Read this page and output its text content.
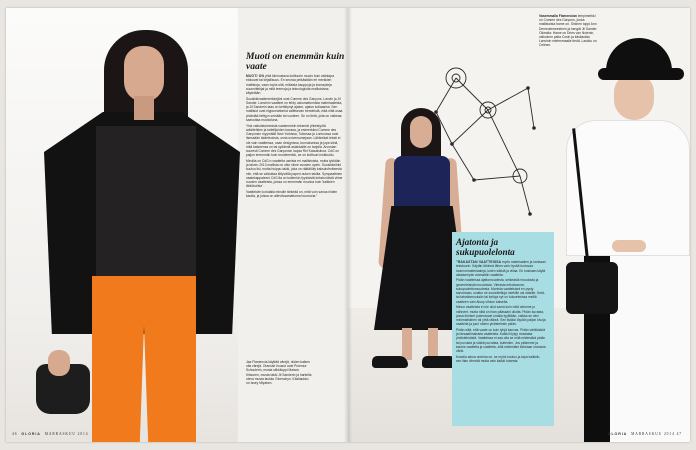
Muoti on enemmän kuin vaate

MUOTI ON yhtä kiinnostava kulttuurin muoto kuin vaikkapa elokuvat tai kirjallisuus. En seuraa pelkästään eri merkkien mallistoja, vaan myös sitä, millaisia kauppoja ja konsepteja suunnittelijat ja mitä teemoja ja teknologioita mallistoissa käytetään.

Suosikkivaatemerkkejäni ovat Comme des Garçons, Lanvin ja Jil Sander. Lanvinin vaatteet on tehty uskomattomista materiaaleista, ja Jil Sanderin taas on kehittynyt ajaton, ajaton kollaasina. Sen mallistot ovat riippumattomia vallitsevan trendeistä, eikä niitä osaa yhdistää tiettyyn seinään tai vuoteen. Se on tietä, joita on vaikeaa saavuttaa muotoiluna.

Yksi vaikuttavimmista vaatemerkin tekemät yhteistyötä arkkitehtien ja taiteilijoiden kanssa, ja esimerkiksi Comme des Garçonsin myymälät New Yorkissa, Tokiossa ja Lontoossa ovat itsessään taideteoksia, omia universumejaan. Lähikeikat teksti ei ole vain vaatteissa, vaan designissa, tunnuksessa ja jopa siinä, mitä katseensa on tai sydämiä asiakkaille on tarjolla. Arvostan suuresti Comme des Garçonsin luojaa Rei Kawakuboa. CdG on paljon enemmän kuin muotimerkki, se on kulttuuri-instituutio.

Meuilla on CdG:n vaatteita useista eri mallistoista, mutta tykkään ja talven 2013 mallista on ollut viime vuosien upein. Suosikkeihini kuuluu lisi, mutta huippu-takki, joka on räätälöity kaksoisfrotteesta niin, että se vaikuttaa liittyvältä paperi-nuken takilta. Sympaattinen vaatekappaleeni CdG:lla on kuitenkin fyysisistä keksinnöistä viime vuoden vaatteista, joissa on enemmän muotoa kuin 'kaikkien lähtökohtia' .

Vaatteiden kohdalla minulle tärkeää on, mitä voin sanoa niiden kautta, ja joissa on alleviivaamattoma huumoria.”

Jaa Flamencia käyttää värejä, niiden kaiken olla värejä. Oranssit housut ovat Proenza Schoulerin, musta silkkitoppi Maison Kitsunen, musta takki Jil Sanderin ja harteilla oleva musta laukku Givenchyn. Käsilaukku on Issey Miyaken.
46 GLORIA MARRASKUU 2014
Ajatonta ja sukupuolelonta

”RAKASTAN VAATTEISSA myös materiaalien ja kankaan tekstuurin. Käytän lähinnä lähes vain hyvää tuntuvaa luonnonmateriaaleja, kuten silkkiä ja villaa. En koskaan käytä aikaisempiin ammattiin vaatteita.

Pidän vaatteissa ajattomuudesta, selkeästä muodosta ja geometrisistä muodoista. Vierasta erikoisarvon sukupuolettomuudesta. Monista vaatteistani en pysty sanomaan, ovatko ne suunniteltuja miehille vai naisille. Ketä- tai tahattomuuksiin tai kelloja nyt on kokoelmissa meillä vaatteen vain Alsop vihkon katseita.

Minun vaatteista ei ole ollut sama kuin mitä olemme jo nähneet, mutta niitä on ihan päässäni ollutta. Pidän kuvasta, jossa ihmiset pukeutuvat omalla tyylillään, vaikka se olisi minimalistinen tai yhtä räikeä. Sen lisäksi löydän paljon kivoja vaatteita ja juuri niiden yhdistelmiin pidän.

Pidän siitä, että vaate on kuin tyhjä kanvas. Pidän värikkäistä ja ideaaalimaisista vaatteista. Kaikki löytyy mustasta yhdistelmästä. Vaatteissa ei saa olla se mitä mielestäni pidän tai puvusta ja väärä puvuttaa, kuitenkin, Jos pidämme ja kaunis vaatteita ja vaatteita, sillä mielestäni kirkkaan oranssia väriä.

Kosella ainoa unelma on, se myös kuuluu ja tapa kaikkiin, sen liian vihreää mutta vain kaikki toisesta.

Vasemmalla Flamencian lempimerkki on Comme des Garçons, jonka mallistoista hame on. Sininen toppi Ann Demeulemeesterin ja kengät Jil Sander. Oikealla: Hame on Dries van Notenin, valkoinen paita Cosin ja käsilaukku Lanvinin mielenmaalle tiedä. Laukku on Celinen.
GLORIA MARRASKUU 2014 47
